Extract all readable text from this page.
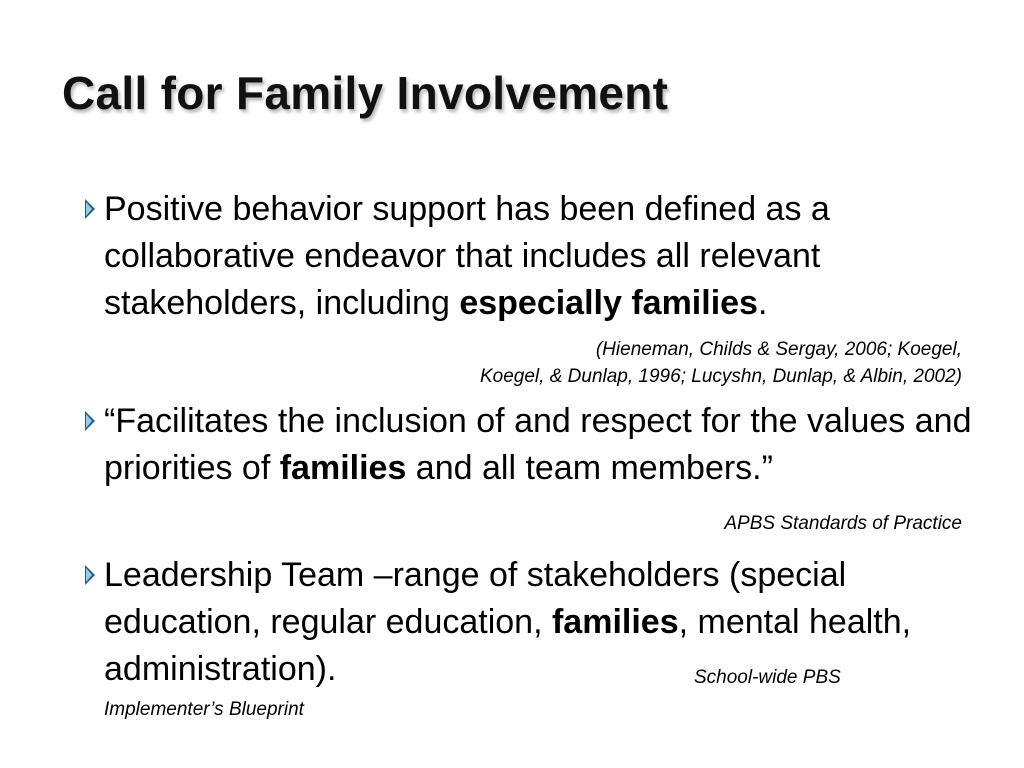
Call for Family Involvement
Positive behavior support has been defined as a collaborative endeavor that includes all relevant stakeholders, including especially families.
(Hieneman, Childs & Sergay, 2006; Koegel,
Koegel, & Dunlap, 1996; Lucyshn, Dunlap, & Albin, 2002)
“Facilitates the inclusion of and respect for the values and priorities of families and all team members.”
APBS Standards of Practice
Leadership Team –range of stakeholders (special education, regular education, families, mental health, administration).	School-wide PBS
Implementer’s Blueprint
